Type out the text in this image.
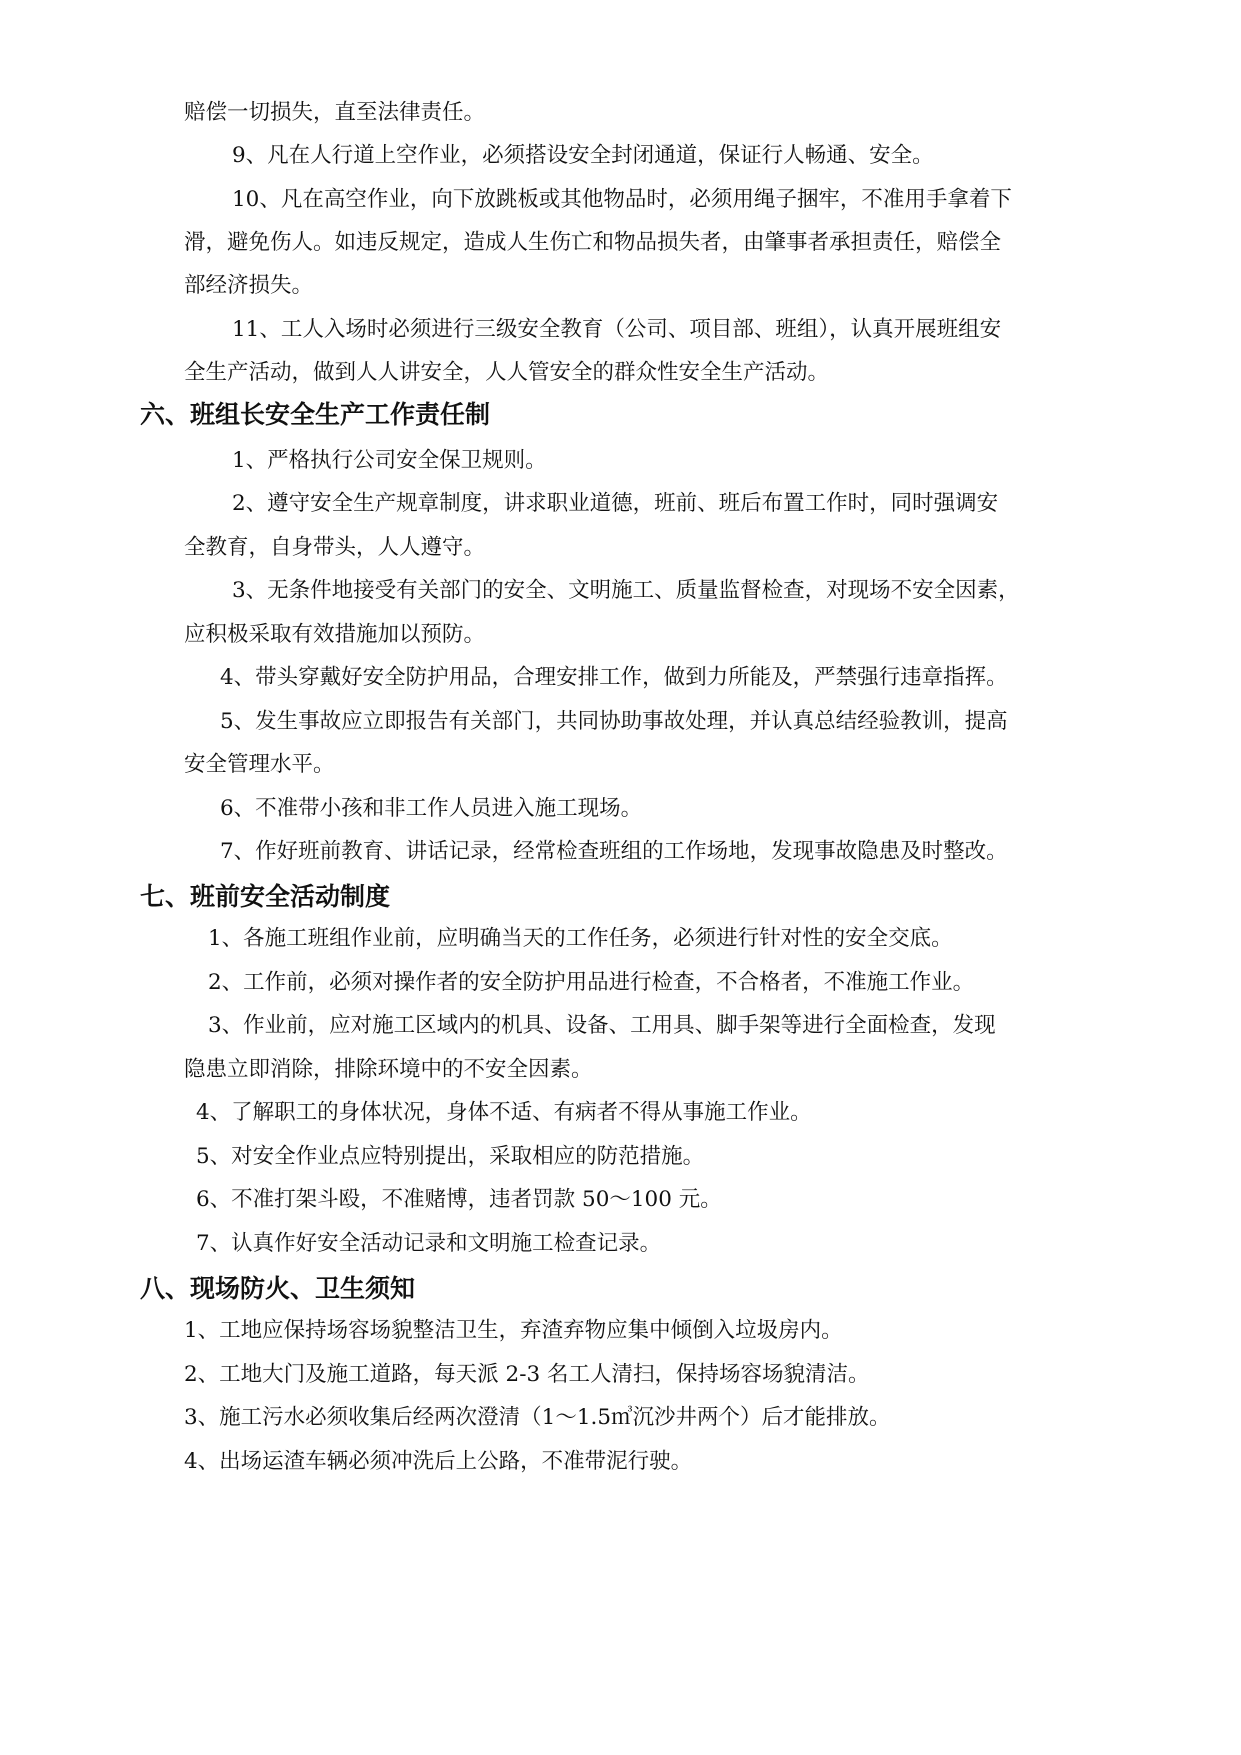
赔偿一切损失，直至法律责任。
9、凡在人行道上空作业，必须搭设安全封闭通道，保证行人畅通、安全。
10、凡在高空作业，向下放跳板或其他物品时，必须用绳子捆牢，不准用手拿着下
滑，避免伤人。如违反规定，造成人生伤亡和物品损失者，由肇事者承担责任，赔偿全
部经济损失。
11、工人入场时必须进行三级安全教育（公司、项目部、班组），认真开展班组安
全生产活动，做到人人讲安全，人人管安全的群众性安全生产活动。
六、班组长安全生产工作责任制
1、严格执行公司安全保卫规则。
2、遵守安全生产规章制度，讲求职业道德，班前、班后布置工作时，同时强调安
全教育，自身带头，人人遵守。
3、无条件地接受有关部门的安全、文明施工、质量监督检查，对现场不安全因素，
应积极采取有效措施加以预防。
4、带头穿戴好安全防护用品，合理安排工作，做到力所能及，严禁强行违章指挥。
5、发生事故应立即报告有关部门，共同协助事故处理，并认真总结经验教训，提高
安全管理水平。
6、不准带小孩和非工作人员进入施工现场。
7、作好班前教育、讲话记录，经常检查班组的工作场地，发现事故隐患及时整改。
七、班前安全活动制度
1、各施工班组作业前，应明确当天的工作任务，必须进行针对性的安全交底。
2、工作前，必须对操作者的安全防护用品进行检查，不合格者，不准施工作业。
3、作业前，应对施工区域内的机具、设备、工用具、脚手架等进行全面检查，发现
隐患立即消除，排除环境中的不安全因素。
4、了解职工的身体状况，身体不适、有病者不得从事施工作业。
5、对安全作业点应特别提出，采取相应的防范措施。
6、不准打架斗殴，不准赌博，违者罚款 50～100 元。
7、认真作好安全活动记录和文明施工检查记录。
八、现场防火、卫生须知
1、工地应保持场容场貌整洁卫生，弃渣弃物应集中倾倒入垃圾房内。
2、工地大门及施工道路，每天派 2-3 名工人清扫，保持场容场貌清洁。
3、施工污水必须收集后经两次澄清（1～1.5㎥沉沙井两个）后才能排放。
4、出场运渣车辆必须冲洗后上公路，不准带泥行驶。
